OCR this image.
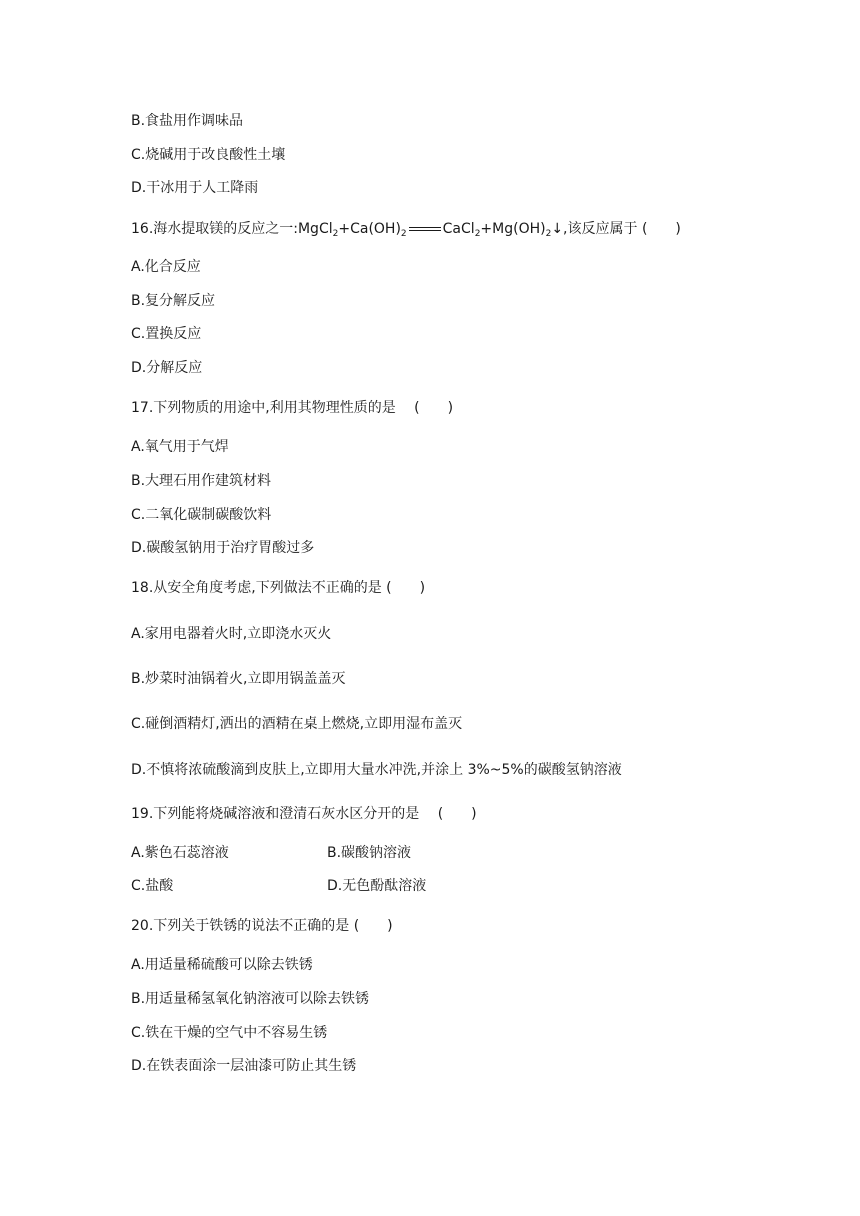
B.食盐用作调味品
C.烧碱用于改良酸性土壤
D.干冰用于人工降雨
16.海水提取镁的反应之一$:MgCl_2+Ca(OH)_2$	$CaCl_2+Mg(OH)_2↓$,该反应属于 (　　)
A.化合反应
B.复分解反应
C.置换反应
D.分解反应
17.下列物质的用途中,利用其物理性质的是　 (　　)
A.氧气用于气焊
B.大理石用作建筑材料
C.二氧化碳制碳酸饮料
D.碳酸氢钠用于治疗胃酸过多
18.从安全角度考虑,下列做法不正确的是 (　　)
A.家用电器着火时,立即浇水灭火
B.炒菜时油锅着火,立即用锅盖盖灭
C.碰倒酒精灯,洒出的酒精在桌上燃烧,立即用湿布盖灭
D.不慎将浓硫酸滴到皮肤上,立即用大量水冲洗,并涂上 3%~5%的碳酸氢钠溶液
19.下列能将烧碱溶液和澄清石灰水区分开的是　 (　　)
A.紫色石蕊溶液	B.碳酸钠溶液
C.盐酸	D.无色酚酞溶液
20.下列关于铁锈的说法不正确的是 (　　)
A.用适量稀硫酸可以除去铁锈
B.用适量稀氢氧化钠溶液可以除去铁锈
C.铁在干燥的空气中不容易生锈
D.在铁表面涂一层油漆可防止其生锈
